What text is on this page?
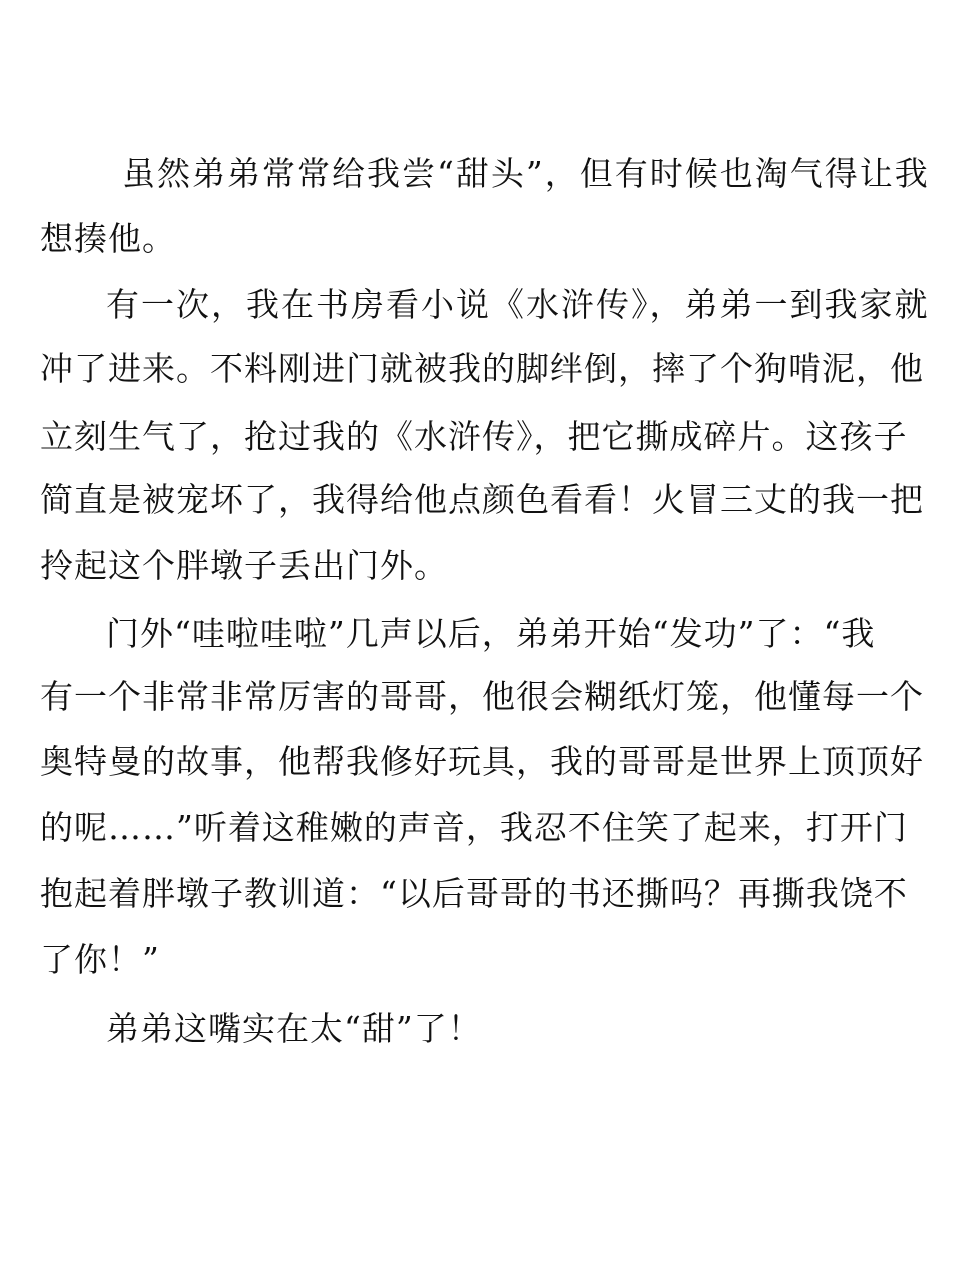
虽然弟弟常常给我尝“甜头”，但有时候也淘气得让我
想揍他。
有一次，我在书房看小说《水浒传》，弟弟一到我家就
冲了进来。不料刚进门就被我的脚绊倒，摔了个狗啃泥，他
立刻生气了，抢过我的《水浒传》，把它撕成碎片。这孩子
简直是被宠坏了，我得给他点颜色看看！火冒三丈的我一把
拎起这个胖墩子丢出门外。
门外“哇啦哇啦”几声以后，弟弟开始“发功”了：“我
有一个非常非常厉害的哥哥，他很会糊纸灯笼，他懂每一个
奥特曼的故事，他帮我修好玩具，我的哥哥是世界上顶顶好
的呢……”听着这稚嫩的声音，我忍不住笑了起来，打开门
抱起着胖墩子教训道：“以后哥哥的书还撕吗？再撕我饶不
了你！”
弟弟这嘴实在太“甜”了！
